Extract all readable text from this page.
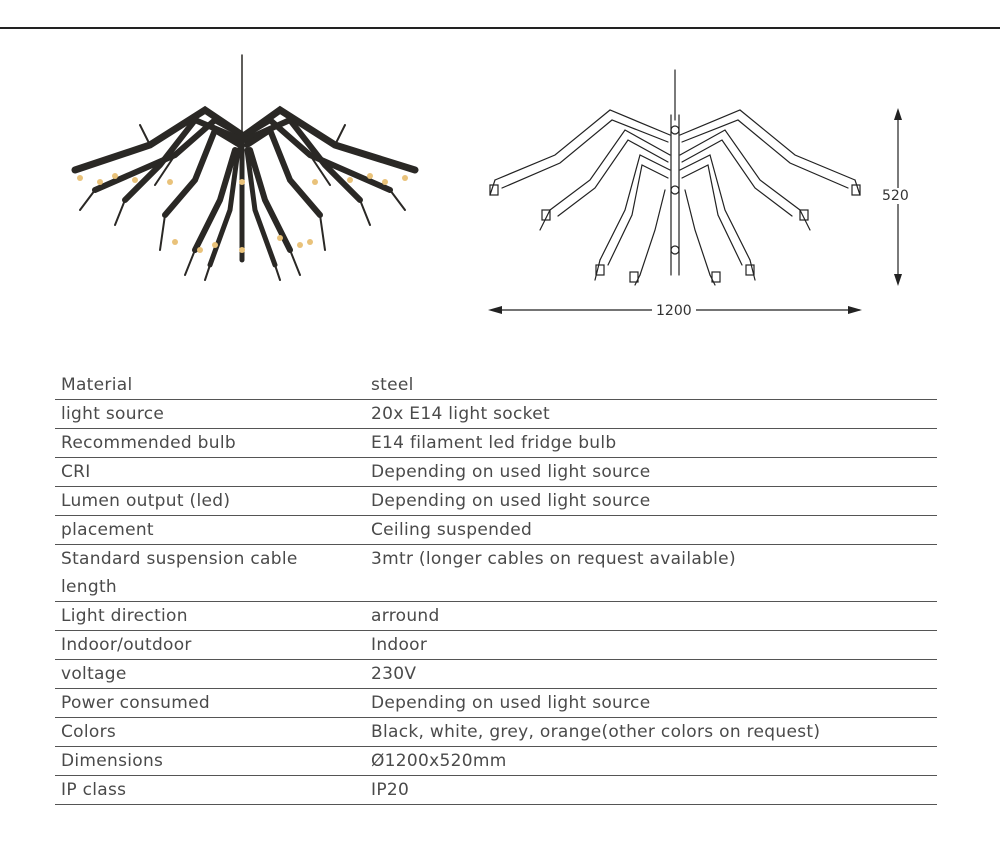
1200
520
Material	steel
light source	20x E14 light socket
Recommended bulb	E14 filament led fridge bulb
CRI	Depending on used light source
Lumen output (led)	Depending on used light source
placement	Ceiling suspended
Standard suspension cable length	3mtr (longer cables on request available)
Light direction	arround
Indoor/outdoor	Indoor
voltage	230V
Power consumed	Depending on used light source
Colors	Black, white, grey, orange(other colors on request)
Dimensions	Ø1200x520mm
IP class	IP20
